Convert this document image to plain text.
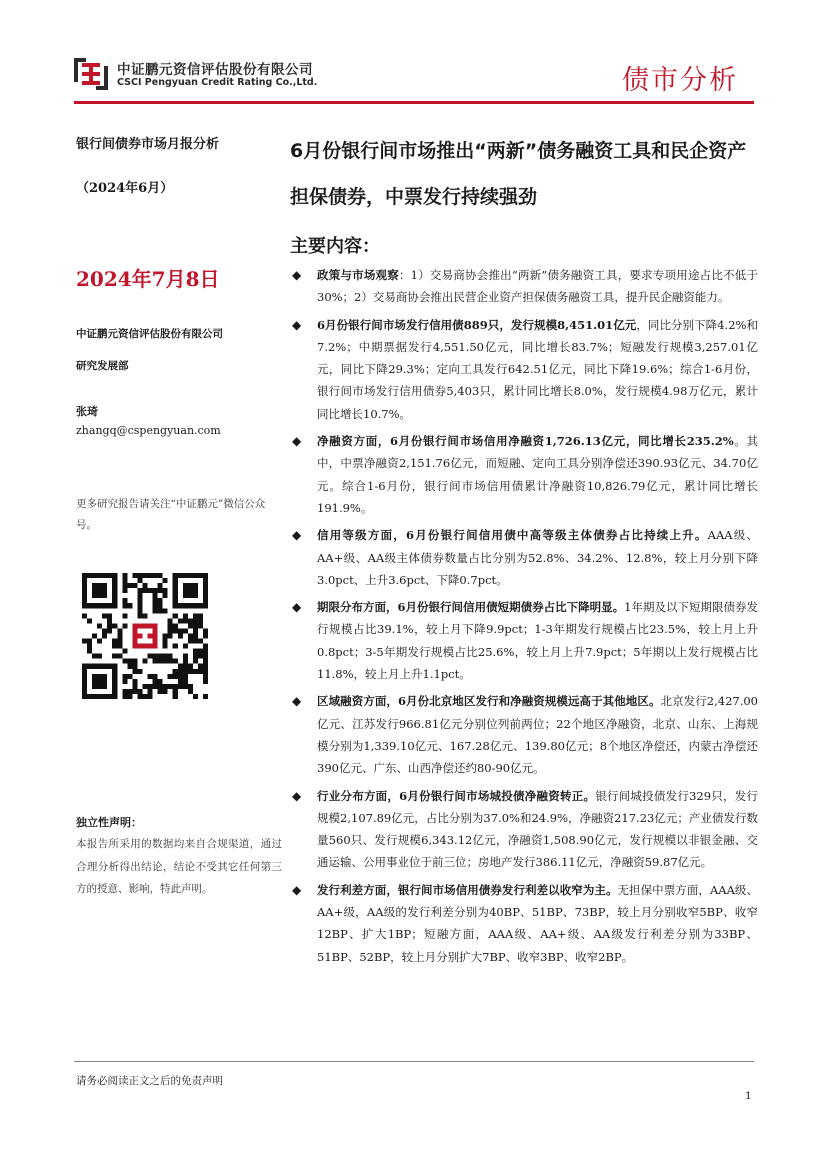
中证鹏元资信评估股份有限公司
CSCI Pengyuan Credit Rating Co.,Ltd.	债市分析
银行间债券市场月报分析
（2024年6月）
2024年7月8日
中证鹏元资信评估股份有限公司
研究发展部
张琦
zhangq@cspengyuan.com
更多研究报告请关注“中证鹏元”微信公众号。
独立性声明：
本报告所采用的数据均来自合规渠道，通过合理分析得出结论，结论不受其它任何第三方的授意、影响，特此声明。
6月份银行间市场推出“两新”债务融资工具和民企资产担保债券，中票发行持续强劲
主要内容：
◆ 政策与市场观察：1）交易商协会推出“两新”债务融资工具，要求专项用途占比不低于30%；2）交易商协会推出民营企业资产担保债务融资工具，提升民企融资能力。
◆ 6月份银行间市场发行信用债889只，发行规模8,451.01亿元，同比分别下降4.2%和7.2%；中期票据发行4,551.50亿元，同比增长83.7%；短融发行规模3,257.01亿元，同比下降29.3%；定向工具发行642.51亿元，同比下降19.6%；综合1-6月份，银行间市场发行信用债券5,403只，累计同比增长8.0%，发行规模4.98万亿元，累计同比增长10.7%。
◆ 净融资方面，6月份银行间市场信用净融资1,726.13亿元，同比增长235.2%。其中，中票净融资2,151.76亿元，而短融、定向工具分别净偿还390.93亿元、34.70亿元。综合1-6月份，银行间市场信用债累计净融资10,826.79亿元，累计同比增长191.9%。
◆ 信用等级方面，6月份银行间信用债中高等级主体债券占比持续上升。AAA级、AA+级、AA级主体债券数量占比分别为52.8%、34.2%、12.8%，较上月分别下降3.0pct、上升3.6pct、下降0.7pct。
◆ 期限分布方面，6月份银行间信用债短期债券占比下降明显。1年期及以下短期限债券发行规模占比39.1%，较上月下降9.9pct；1-3年期发行规模占比23.5%，较上月上升0.8pct；3-5年期发行规模占比25.6%，较上月上升7.9pct；5年期以上发行规模占比11.8%，较上月上升1.1pct。
◆ 区域融资方面，6月份北京地区发行和净融资规模远高于其他地区。北京发行2,427.00亿元、江苏发行966.81亿元分别位列前两位；22个地区净融资，北京、山东、上海规模分别为1,339.10亿元、167.28亿元、139.80亿元；8个地区净偿还，内蒙古净偿还390亿元、广东、山西净偿还约80-90亿元。
◆ 行业分布方面，6月份银行间市场城投债净融资转正。银行间城投债发行329只，发行规模2,107.89亿元，占比分别为37.0%和24.9%，净融资217.23亿元；产业债发行数量560只、发行规模6,343.12亿元，净融资1,508.90亿元，发行规模以非银金融、交通运输、公用事业位于前三位；房地产发行386.11亿元，净融资59.87亿元。
◆ 发行利差方面，银行间市场信用债券发行利差以收窄为主。无担保中票方面，AAA级、AA+级，AA级的发行利差分别为40BP、51BP、73BP，较上月分别收窄5BP、收窄12BP、扩大1BP；短融方面，AAA级、AA+级、AA级发行利差分别为33BP、51BP、52BP，较上月分别扩大7BP、收窄3BP、收窄2BP。
请务必阅读正文之后的免责声明
1
